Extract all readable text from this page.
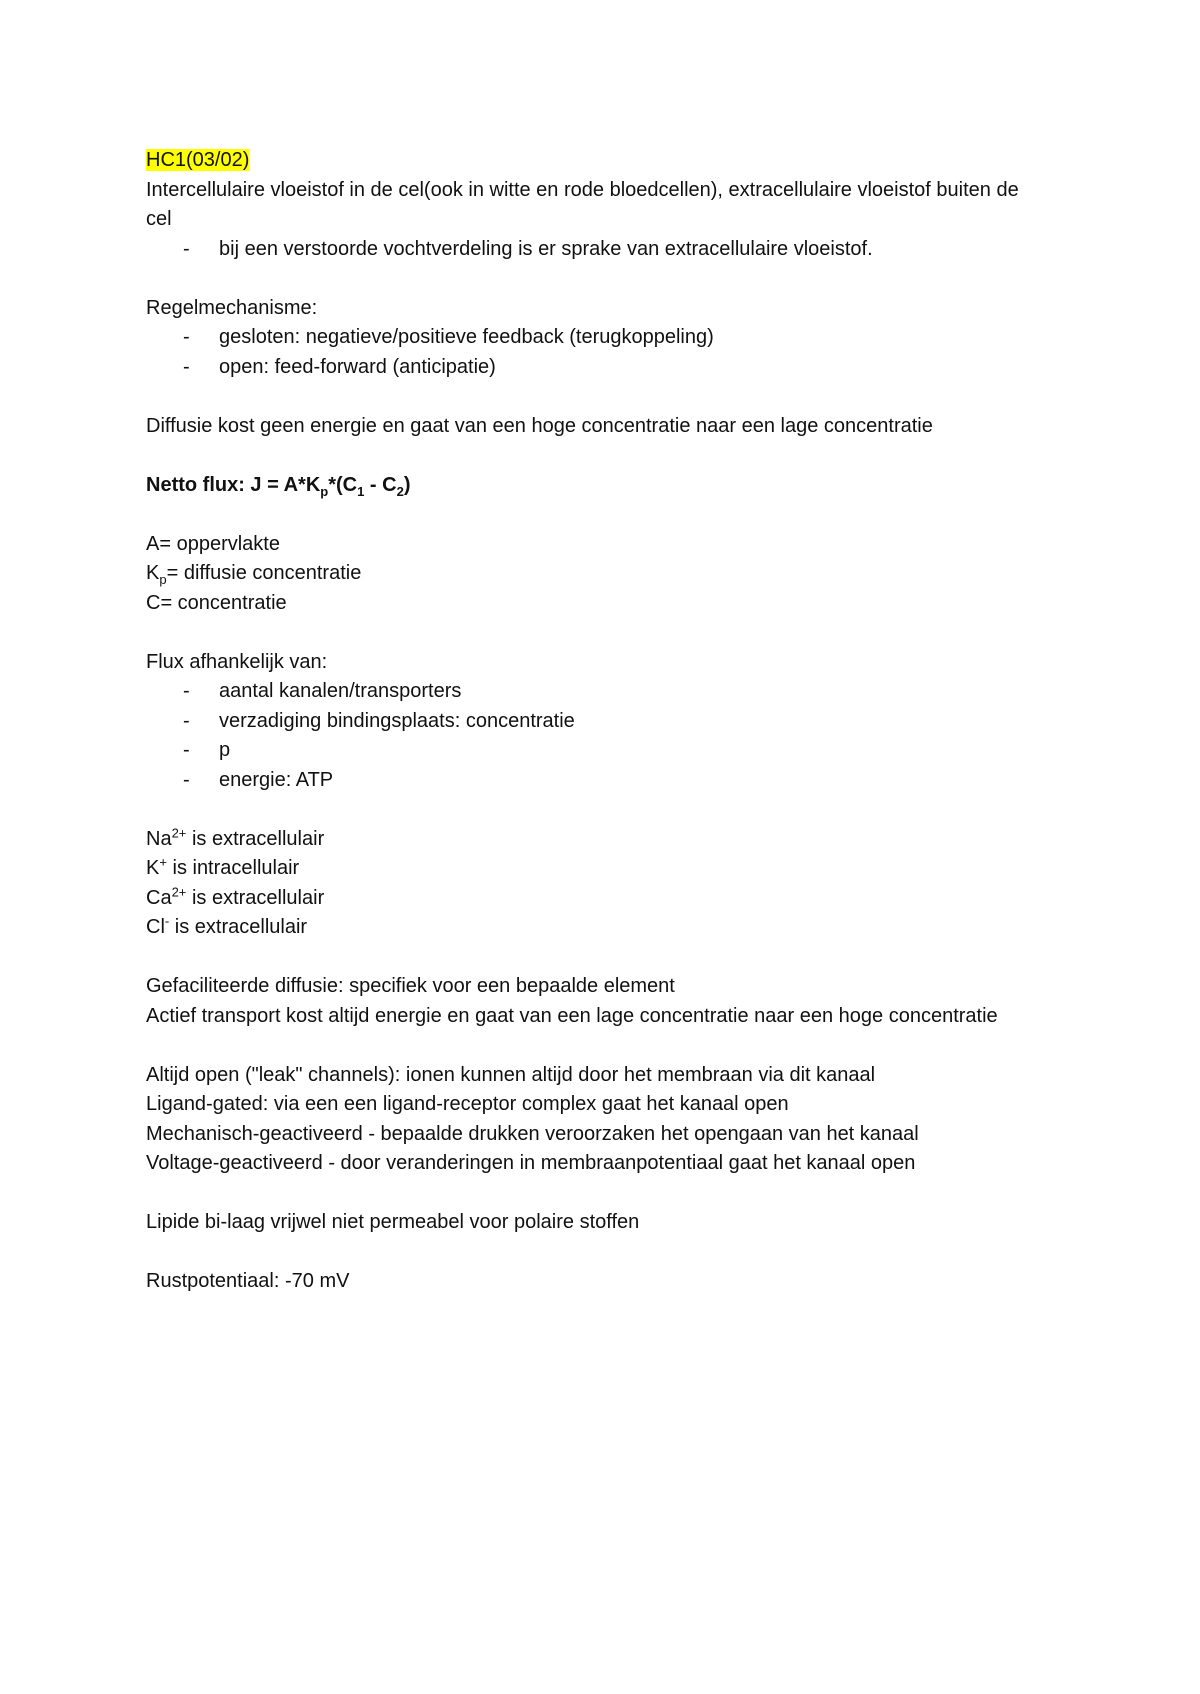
HC1(03/02)

Intercellulaire vloeistof in de cel(ook in witte en rode bloedcellen), extracellulaire vloeistof buiten de cel

- bij een verstoorde vochtverdeling is er sprake van extracellulaire vloeistof.

Regelmechanisme:

- gesloten: negatieve/positieve feedback (terugkoppeling)
- open: feed-forward (anticipatie)

Diffusie kost geen energie en gaat van een hoge concentratie naar een lage concentratie

Netto flux: $J = A*K_p*(C_1 - C_2)$

A= oppervlakte

$K_p=$ diffusie concentratie

C= concentratie

Flux afhankelijk van:

- aantal kanalen/transporters
- verzadiging bindingsplaats: concentratie
- p
- energie: ATP

$Na^{2+}$ is extracellulair

K+ is intracellulair

$Ca^{2+}$ is extracellulair

Cl- is extracellulair

Gefaciliteerde diffusie: specifiek voor een bepaalde element

Actief transport kost altijd energie en gaat van een lage concentratie naar een hoge concentratie

Altijd open ("leak" channels): ionen kunnen altijd door het membraan via dit kanaal

Ligand-gated: via een een ligand-receptor complex gaat het kanaal open

Mechanisch-geactiveerd - bepaalde drukken veroorzaken het opengaan van het kanaal

Voltage-geactiveerd - door veranderingen in membraanpotentiaal gaat het kanaal open

Lipide bi-laag vrijwel niet permeabel voor polaire stoffen

Rustpotentiaal: -70 mV
